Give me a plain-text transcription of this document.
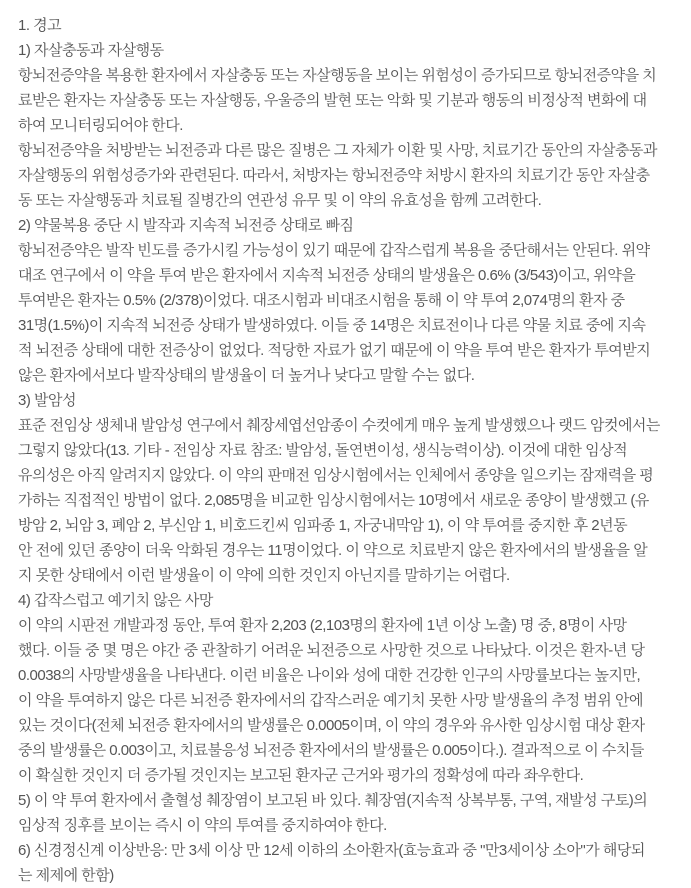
1. 경고
1) 자살충동과 자살행동
항뇌전증약을 복용한 환자에서 자살충동 또는 자살행동을 보이는 위험성이 증가되므로 항뇌전증약을 치
료받은 환자는 자살충동 또는 자살행동, 우울증의 발현 또는 악화 및 기분과 행동의 비정상적 변화에 대
하여 모니터링되어야 한다.
항뇌전증약을 처방받는 뇌전증과 다른 많은 질병은 그 자체가 이환 및 사망, 치료기간 동안의 자살충동과
자살행동의 위험성증가와 관련된다. 따라서, 처방자는 항뇌전증약 처방시 환자의 치료기간 동안 자살충
동 또는 자살행동과 치료될 질병간의 연관성 유무 및 이 약의 유효성을 함께 고려한다.
2) 약물복용 중단 시 발작과 지속적 뇌전증 상태로 빠짐
항뇌전증약은 발작 빈도를 증가시킬 가능성이 있기 때문에 갑작스럽게 복용을 중단해서는 안된다. 위약
대조 연구에서 이 약을 투여 받은 환자에서 지속적 뇌전증 상태의 발생율은 0.6% (3/543)이고, 위약을
투여받은 환자는 0.5% (2/378)이었다. 대조시험과 비대조시험을 통해 이 약 투여 2,074명의 환자 중
31명(1.5%)이 지속적 뇌전증 상태가 발생하였다. 이들 중 14명은 치료전이나 다른 약물 치료 중에 지속
적 뇌전증 상태에 대한 전증상이 없었다. 적당한 자료가 없기 때문에 이 약을 투여 받은 환자가 투여받지
않은 환자에서보다 발작상태의 발생율이 더 높거나 낮다고 말할 수는 없다.
3) 발암성
표준 전임상 생체내 발암성 연구에서 췌장세엽선암종이 수컷에게 매우 높게 발생했으나 랫드 암컷에서는
그렇지 않았다(13. 기타 - 전임상 자료 참조: 발암성, 돌연변이성, 생식능력이상). 이것에 대한 임상적
유의성은 아직 알려지지 않았다. 이 약의 판매전 임상시험에서는 인체에서 종양을 일으키는 잠재력을 평
가하는 직접적인 방법이 없다. 2,085명을 비교한 임상시험에서는 10명에서 새로운 종양이 발생했고 (유
방암 2, 뇌암 3, 폐암 2, 부신암 1, 비호드킨씨 임파종 1, 자궁내막암 1), 이 약 투여를 중지한 후 2년동
안 전에 있던 종양이 더욱 악화된 경우는 11명이었다. 이 약으로 치료받지 않은 환자에서의 발생율을 알
지 못한 상태에서 이런 발생율이 이 약에 의한 것인지 아닌지를 말하기는 어렵다.
4) 갑작스럽고 예기치 않은 사망
이 약의 시판전 개발과정 동안, 투여 환자 2,203 (2,103명의 환자에 1년 이상 노출) 명 중, 8명이 사망
했다. 이들 중 몇 명은 야간 중 관찰하기 어려운 뇌전증으로 사망한 것으로 나타났다. 이것은 환자-년 당
0.0038의 사망발생율을 나타낸다. 이런 비율은 나이와 성에 대한 건강한 인구의 사망률보다는 높지만,
이 약을 투여하지 않은 다른 뇌전증 환자에서의 갑작스러운 예기치 못한 사망 발생율의 추정 범위 안에
있는 것이다(전체 뇌전증 환자에서의 발생률은 0.0005이며, 이 약의 경우와 유사한 임상시험 대상 환자
중의 발생률은 0.003이고, 치료불응성 뇌전증 환자에서의 발생률은 0.005이다.). 결과적으로 이 수치들
이 확실한 것인지 더 증가될 것인지는 보고된 환자군 근거와 평가의 정확성에 따라 좌우한다.
5) 이 약 투여 환자에서 출혈성 췌장염이 보고된 바 있다. 췌장염(지속적 상복부통, 구역, 재발성 구토)의
임상적 징후를 보이는 즉시 이 약의 투여를 중지하여야 한다.
6) 신경정신계 이상반응: 만 3세 이상 만 12세 이하의 소아환자(효능효과 중 "만3세이상 소아"가 해당되
는 제제에 한함)
